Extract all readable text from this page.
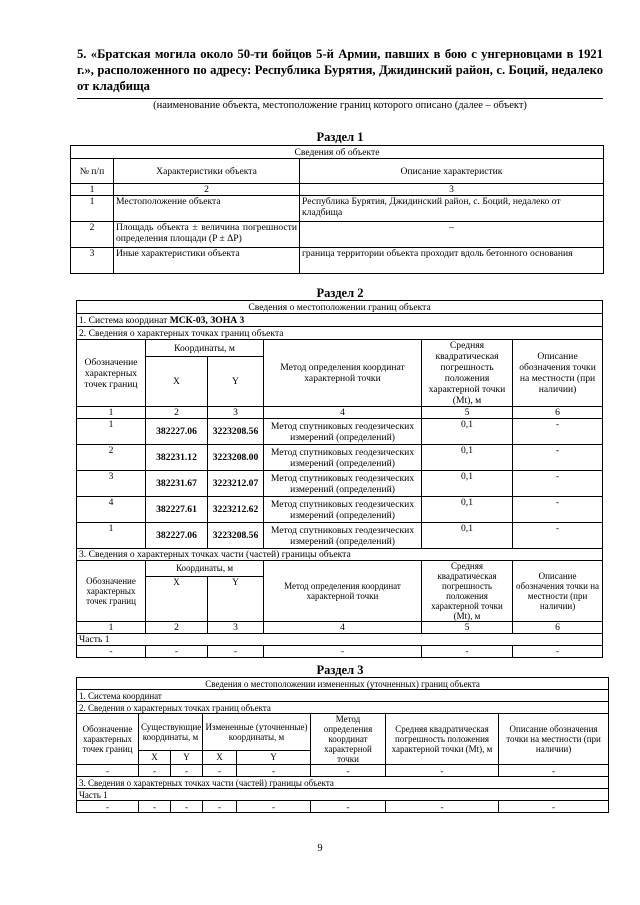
5. «Братская могила около 50-ти бойцов 5-й Армии, павших в бою с унгерновцами в 1921 г.», расположенного по адресу: Республика Бурятия, Джидинский район, с. Боций, недалеко от кладбища
(наименование объекта, местоположение границ которого описано (далее – объект)
Раздел 1
Сведения об объекте		
№ п/п	Характеристики объекта	Описание характеристик
1	2	3
1	Местоположение объекта	Республика Бурятия, Джидинский район, с. Боций, недалеко от кладбища
2	Площадь объекта ± величина погрешности определения площади (P ± ΔP)	–
3	Иные характеристики объекта	граница территории объекта проходит вдоль бетонного основания
Раздел 2
Сведения о местоположении границ объекта					
1. Система координат МСК-03, ЗОНА 3					
2. Сведения о характерных точках границ объекта					
Обозначение характерных точек границ	Координаты, м		Метод определения координат характерной точки	Средняя квадратическая погрешность положения характерной точки (Mt), м	Описание обозначения точки на местности (при наличии)
	X	Y			
1	2	3	4	5	6
1	382227.06	3223208.56	Метод спутниковых геодезических измерений (определений)	0,1	-
2	382231.12	3223208.00	Метод спутниковых геодезических измерений (определений)	0,1	-
3	382231.67	3223212.07	Метод спутниковых геодезических измерений (определений)	0,1	-
4	382227.61	3223212.62	Метод спутниковых геодезических измерений (определений)	0,1	-
1	382227.06	3223208.56	Метод спутниковых геодезических измерений (определений)	0,1	-
3. Сведения о характерных точках части (частей) границы объекта					
Обозначение характерных точек границ	Координаты, м		Метод определения координат характерной точки	Средняя квадратическая погрешность положения характерной точки (Mt), м	Описание обозначения точки на местности (при наличии)
	X	Y			
1	2	3	4	5	6
Часть 1					
-	-	-	-	-	-
Раздел 3
Сведения о местоположении измененных (уточненных) границ объекта							
1. Система координат							
2. Сведения о характерных точках границ объекта							
Обозначение характерных точек границ	Существующие координаты, м		Измененные (уточненные) координаты, м		Метод определения координат характерной точки	Средняя квадратическая погрешность положения характерной точки (Mt), м	Описание обозначения точки на местности (при наличии)
	X	Y	X	Y			
-	-	-	-	-	-	-	-
3. Сведения о характерных точках части (частей) границы объекта							
Часть 1							
-	-	-	-	-	-	-	-
9
